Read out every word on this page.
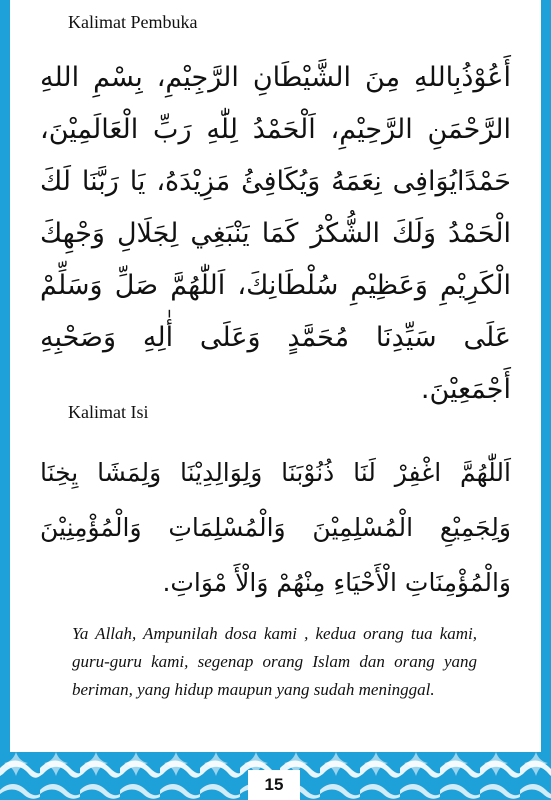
Kalimat Pembuka
أَعُوْذُبِاللهِ مِنَ الشَّيْطَانِ الرَّجِيْمِ، بِسْمِ اللهِ الرَّحْمَنِ الرَّحِيْمِ، اَلْحَمْدُ لِلّٰهِ رَبِّ الْعَالَمِيْنَ، حَمْدًايُوَافِى نِعَمَهُ وَيُكَافِئُ مَزِيْدَهُ، يَا رَبَّنَا لَكَ الْحَمْدُ وَلَكَ الشُّكْرُ كَمَا يَنْبَغِي لِجَلَالِ وَجْهِكَ الْكَرِيْمِ وَعَظِيْمِ سُلْطَانِكَ، اَللّٰهُمَّ صَلِّ وَسَلِّمْ عَلَى سَيِّدِنَا مُحَمَّدٍ وَعَلَى أٰلِهِ وَصَحْبِهِ أَجْمَعِيْنَ.
Kalimat Isi
اَللّٰهُمَّ اغْفِرْ لَنَا ذُنُوْبَنَا وَلِوَالِدِيْنَا وَلِمَشَا يِخِنَا وَلِجَمِيْعِ الْمُسْلِمِيْنَ وَالْمُسْلِمَاتِ وَالْمُؤْمِنِيْنَ وَالْمُؤْمِنَاتِ الْأَحْيَاءِ مِنْهُمْ وَالْأَ مْوَاتِ.
Ya Allah, Ampunilah dosa kami , kedua orang tua kami, guru-guru kami, segenap orang Islam dan orang yang beriman, yang hidup maupun yang sudah meninggal.
15
